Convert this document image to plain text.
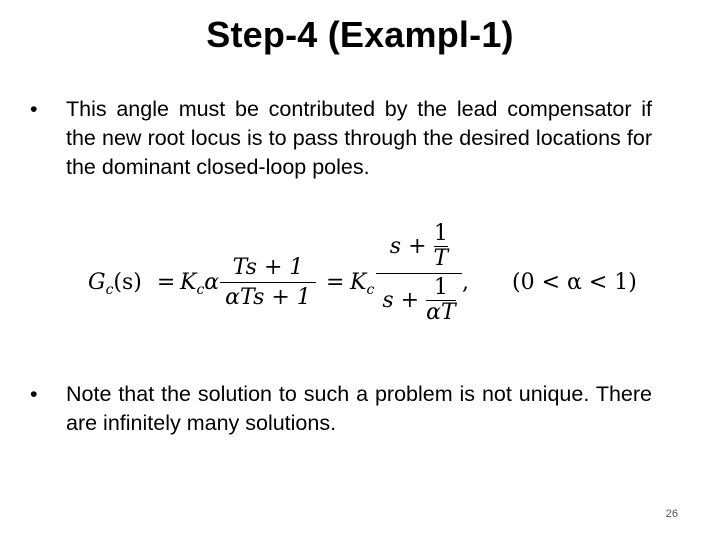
Step-4 (Exampl-1)
•	This angle must be contributed by the lead compensator if the new root locus is to pass through the desired locations for the dominant closed-loop poles.
$G_c(s) = K_c\alpha$
Ts + 1
αTs + 1
= $K_c$
$s + \frac{1}{T}$
$s + \frac{1}{\alpha T}$ , (0 < α < 1)
•	Note that the solution to such a problem is not unique. There are infinitely many solutions.
26
